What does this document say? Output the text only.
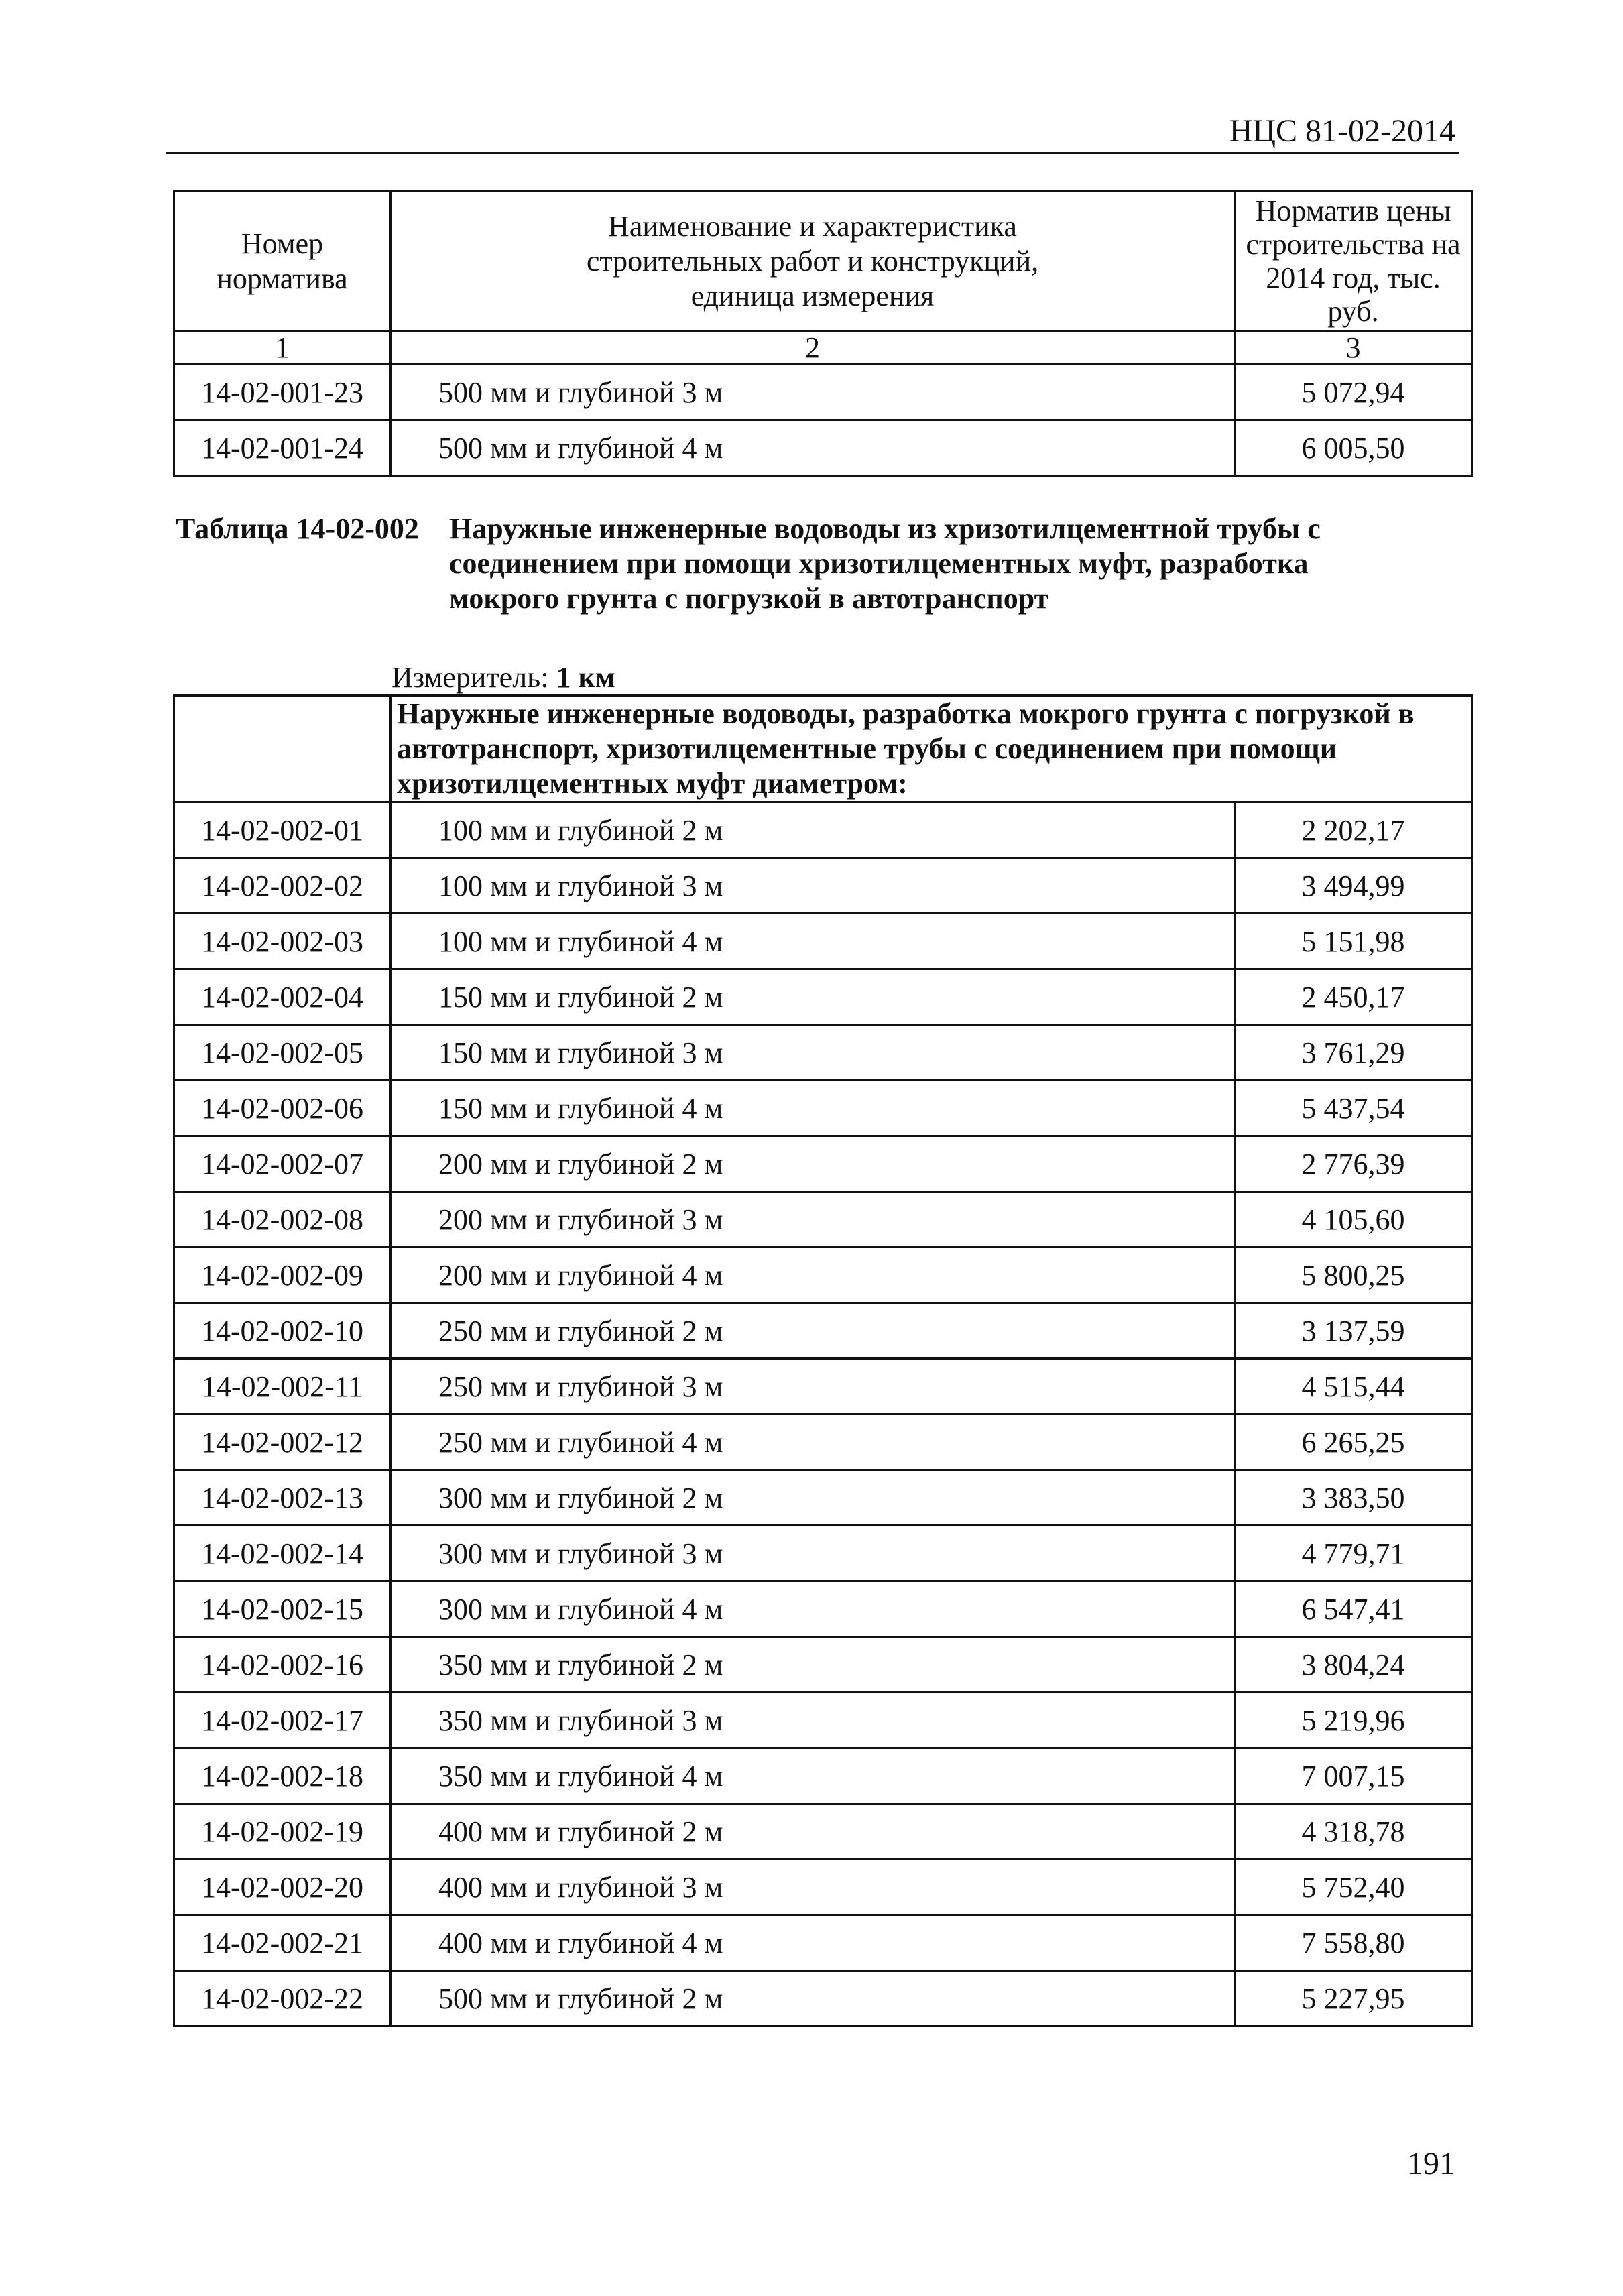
НЦС 81-02-2014
Номер норматива	Наименование и характеристика строительных работ и конструкций, единица измерения	Норматив цены строительства на 2014 год, тыс. руб.
1	2	3
14-02-001-23	500 мм и глубиной 3 м	5 072,94
14-02-001-24	500 мм и глубиной 4 м	6 005,50
Таблица 14-02-002 Наружные инженерные водоводы из хризотилцементной трубы с соединением при помощи хризотилцементных муфт, разработка мокрого грунта с погрузкой в автотранспорт
Измеритель: 1 км
	Наружные инженерные водоводы, разработка мокрого грунта с погрузкой в автотранспорт, хризотилцементные трубы с соединением при помощи хризотилцементных муфт диаметром:	
14-02-002-01	100 мм и глубиной 2 м	2 202,17
14-02-002-02	100 мм и глубиной 3 м	3 494,99
14-02-002-03	100 мм и глубиной 4 м	5 151,98
14-02-002-04	150 мм и глубиной 2 м	2 450,17
14-02-002-05	150 мм и глубиной 3 м	3 761,29
14-02-002-06	150 мм и глубиной 4 м	5 437,54
14-02-002-07	200 мм и глубиной 2 м	2 776,39
14-02-002-08	200 мм и глубиной 3 м	4 105,60
14-02-002-09	200 мм и глубиной 4 м	5 800,25
14-02-002-10	250 мм и глубиной 2 м	3 137,59
14-02-002-11	250 мм и глубиной 3 м	4 515,44
14-02-002-12	250 мм и глубиной 4 м	6 265,25
14-02-002-13	300 мм и глубиной 2 м	3 383,50
14-02-002-14	300 мм и глубиной 3 м	4 779,71
14-02-002-15	300 мм и глубиной 4 м	6 547,41
14-02-002-16	350 мм и глубиной 2 м	3 804,24
14-02-002-17	350 мм и глубиной 3 м	5 219,96
14-02-002-18	350 мм и глубиной 4 м	7 007,15
14-02-002-19	400 мм и глубиной 2 м	4 318,78
14-02-002-20	400 мм и глубиной 3 м	5 752,40
14-02-002-21	400 мм и глубиной 4 м	7 558,80
14-02-002-22	500 мм и глубиной 2 м	5 227,95
191
